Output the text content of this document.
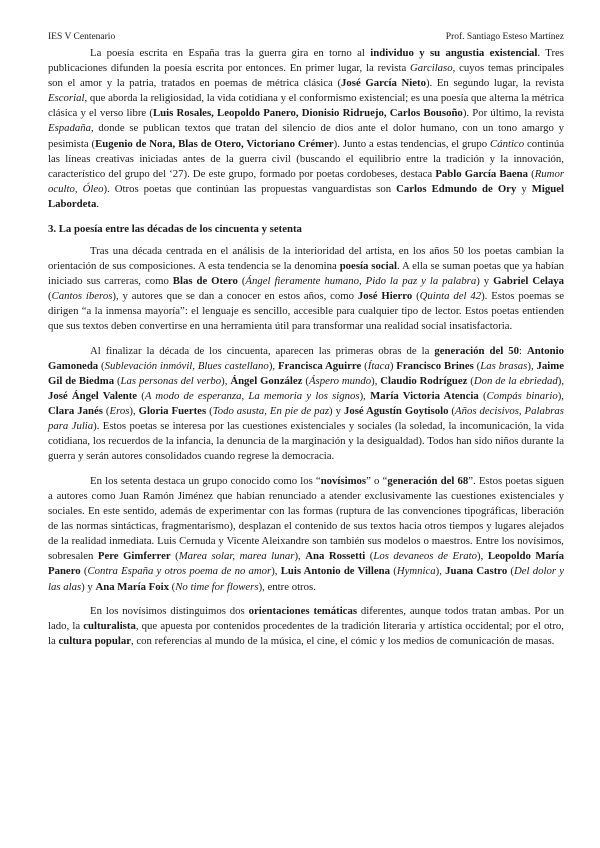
IES V Centenario	Prof. Santiago Esteso Martínez

La poesía escrita en España tras la guerra gira en torno al individuo y su angustia existencial. Tres publicaciones difunden la poesía escrita por entonces. En primer lugar, la revista Garcilaso, cuyos temas principales son el amor y la patria, tratados en poemas de métrica clásica (José García Nieto). En segundo lugar, la revista Escorial, que aborda la religiosidad, la vida cotidiana y el conformismo existencial; es una poesía que alterna la métrica clásica y el verso libre (Luis Rosales, Leopoldo Panero, Dionisio Ridruejo, Carlos Bousoño). Por último, la revista Espadaña, donde se publican textos que tratan del silencio de dios ante el dolor humano, con un tono amargo y pesimista (Eugenio de Nora, Blas de Otero, Victoriano Crémer). Junto a estas tendencias, el grupo Cántico continúa las líneas creativas iniciadas antes de la guerra civil (buscando el equilibrio entre la tradición y la innovación, característico del grupo del ‘27). De este grupo, formado por poetas cordobeses, destaca Pablo García Baena (Rumor oculto, Óleo). Otros poetas que continúan las propuestas vanguardistas son Carlos Edmundo de Ory y Miguel Labordeta.

3. La poesía entre las décadas de los cincuenta y setenta

Tras una década centrada en el análisis de la interioridad del artista, en los años 50 los poetas cambian la orientación de sus composiciones. A esta tendencia se la denomina poesía social. A ella se suman poetas que ya habían iniciado sus carreras, como Blas de Otero (Ángel fieramente humano, Pido la paz y la palabra) y Gabriel Celaya (Cantos íberos), y autores que se dan a conocer en estos años, como José Hierro (Quinta del 42). Estos poemas se dirigen “a la inmensa mayoría”: el lenguaje es sencillo, accesible para cualquier tipo de lector. Estos poetas entienden que sus textos deben convertirse en una herramienta útil para transformar una realidad social insatisfactoria.

Al finalizar la década de los cincuenta, aparecen las primeras obras de la generación del 50: Antonio Gamoneda (Sublevación inmóvil, Blues castellano), Francisca Aguirre (Ítaca) Francisco Brines (Las brasas), Jaime Gil de Biedma (Las personas del verbo), Ángel González (Áspero mundo), Claudio Rodríguez (Don de la ebriedad), José Ángel Valente (A modo de esperanza, La memoria y los signos), María Victoria Atencia (Compás binario), Clara Janés (Eros), Gloria Fuertes (Todo asusta, En pie de paz) y José Agustín Goytisolo (Años decisivos, Palabras para Julia). Estos poetas se interesa por las cuestiones existenciales y sociales (la soledad, la incomunicación, la vida cotidiana, los recuerdos de la infancia, la denuncia de la marginación y la desigualdad). Todos han sido niños durante la guerra y serán autores consolidados cuando regrese la democracia.

En los setenta destaca un grupo conocido como los “novísimos” o “generación del 68”. Estos poetas siguen a autores como Juan Ramón Jiménez que habían renunciado a atender exclusivamente las cuestiones existenciales y sociales. En este sentido, además de experimentar con las formas (ruptura de las convenciones tipográficas, liberación de las normas sintácticas, fragmentarismo), desplazan el contenido de sus textos hacia otros tiempos y lugares alejados de la realidad inmediata. Luis Cernuda y Vicente Aleixandre son también sus modelos o maestros. Entre los novísimos, sobresalen Pere Gimferrer (Marea solar, marea lunar), Ana Rossetti (Los devaneos de Erato), Leopoldo María Panero (Contra España y otros poema de no amor), Luis Antonio de Villena (Hymnica), Juana Castro (Del dolor y las alas) y Ana María Foix (No time for flowers), entre otros.

En los novísimos distinguimos dos orientaciones temáticas diferentes, aunque todos tratan ambas. Por un lado, la culturalista, que apuesta por contenidos procedentes de la tradición literaria y artística occidental; por el otro, la cultura popular, con referencias al mundo de la música, el cine, el cómic y los medios de comunicación de masas.
